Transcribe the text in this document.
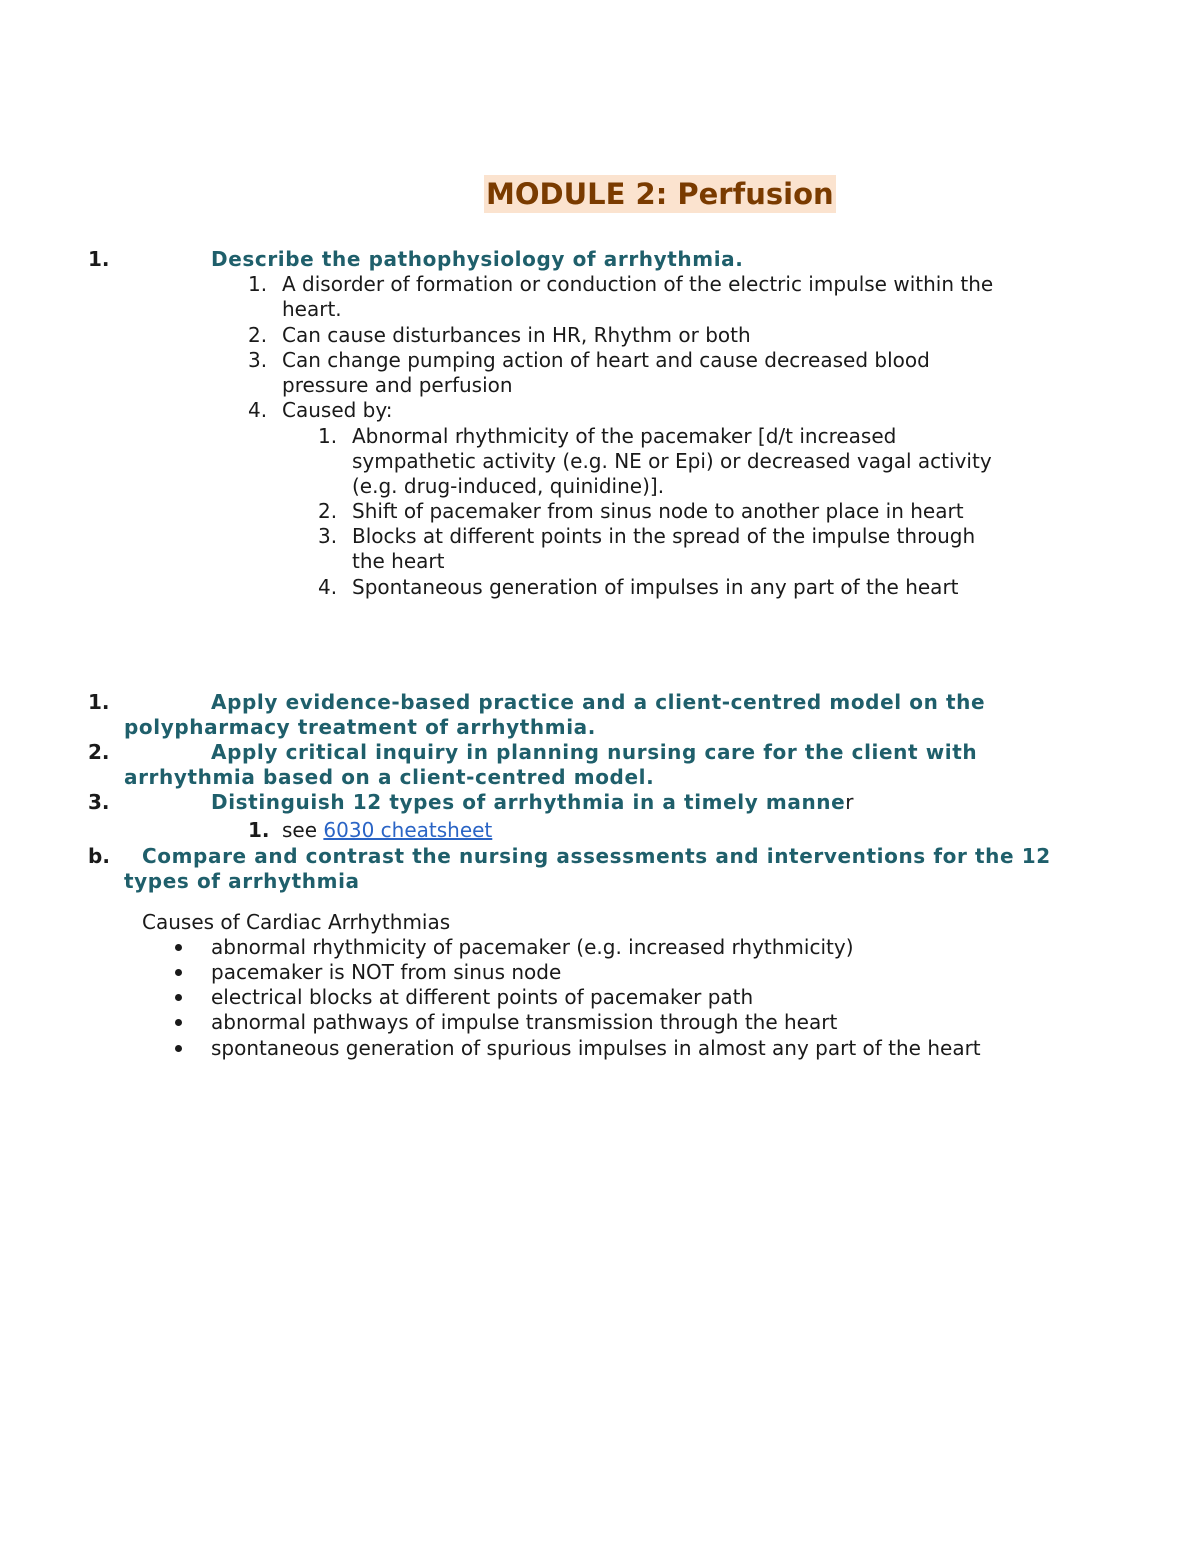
MODULE 2: Perfusion
1.	Describe the pathophysiology of arrhythmia.
1. A disorder of formation or conduction of the electric impulse within the
heart.
2. Can cause disturbances in HR, Rhythm or both
3. Can change pumping action of heart and cause decreased blood
pressure and perfusion
4. Caused by:
1. Abnormal rhythmicity of the pacemaker [d/t increased
sympathetic activity (e.g. NE or Epi) or decreased vagal activity
(e.g. drug-induced, quinidine)].
2. Shift of pacemaker from sinus node to another place in heart
3. Blocks at different points in the spread of the impulse through
the heart
4. Spontaneous generation of impulses in any part of the heart
1.	Apply evidence-based practice and a client-centred model on the
polypharmacy treatment of arrhythmia.
2.	Apply critical inquiry in planning nursing care for the client with
arrhythmia based on a client-centred model.
3.	Distinguish 12 types of arrhythmia in a timely manner
1. see 6030 cheatsheet
b. Compare and contrast the nursing assessments and interventions for the 12
types of arrhythmia
Causes of Cardiac Arrhythmias
abnormal rhythmicity of pacemaker (e.g. increased rhythmicity)
pacemaker is NOT from sinus node
electrical blocks at different points of pacemaker path
abnormal pathways of impulse transmission through the heart
spontaneous generation of spurious impulses in almost any part of the heart
